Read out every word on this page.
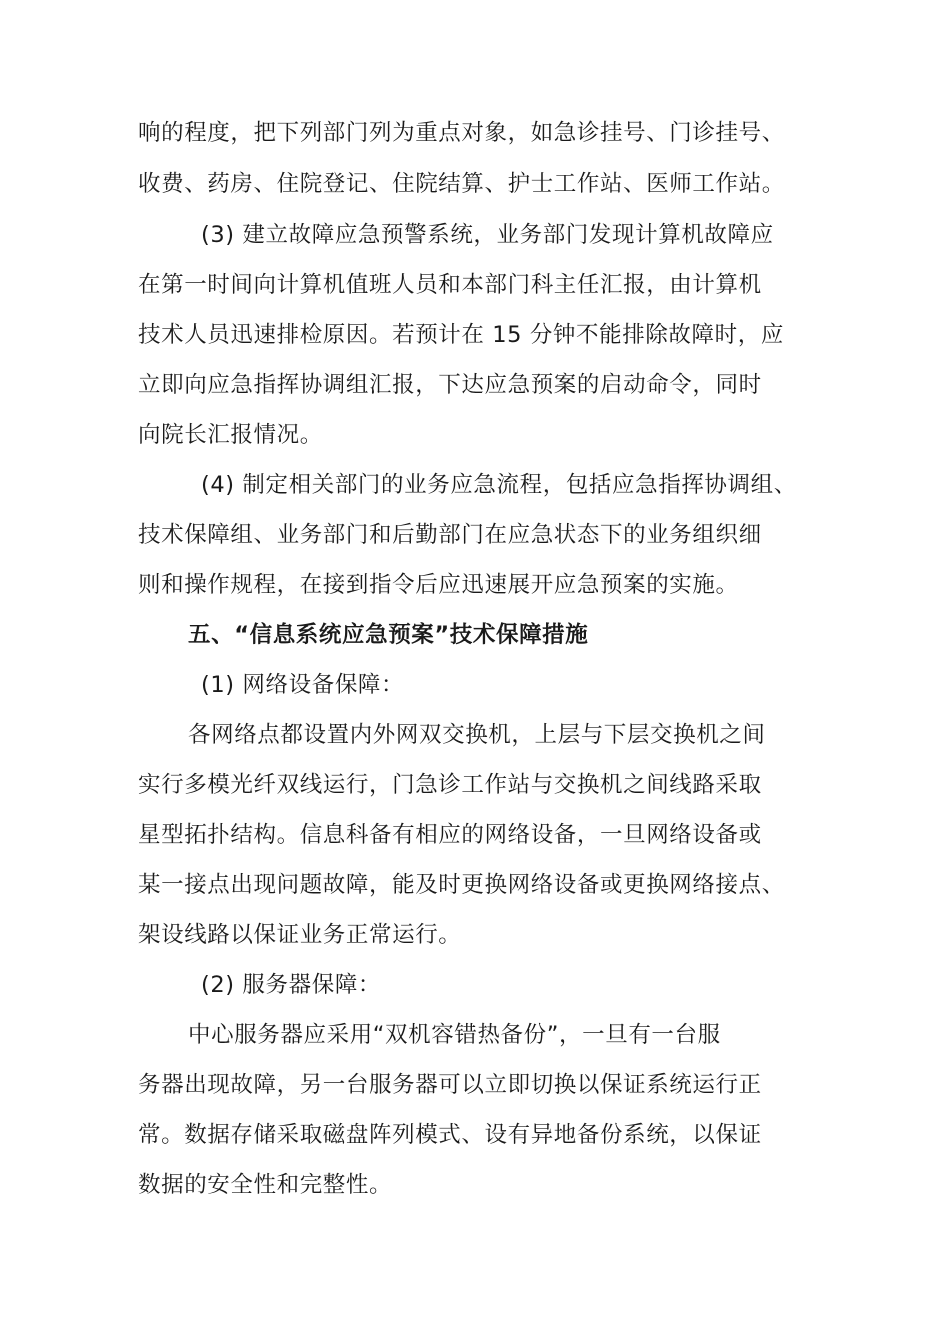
响的程度，把下列部门列为重点对象，如急诊挂号、门诊挂号、
收费、药房、住院登记、住院结算、护士工作站、医师工作站。
(3) 建立故障应急预警系统，业务部门发现计算机故障应
在第一时间向计算机值班人员和本部门科主任汇报，由计算机
技术人员迅速排检原因。若预计在 15 分钟不能排除故障时，应
立即向应急指挥协调组汇报，下达应急预案的启动命令，同时
向院长汇报情况。
(4) 制定相关部门的业务应急流程，包括应急指挥协调组、
技术保障组、业务部门和后勤部门在应急状态下的业务组织细
则和操作规程，在接到指令后应迅速展开应急预案的实施。
五、“信息系统应急预案”技术保障措施
(1) 网络设备保障：
各网络点都设置内外网双交换机，上层与下层交换机之间
实行多模光纤双线运行，门急诊工作站与交换机之间线路采取
星型拓扑结构。信息科备有相应的网络设备，一旦网络设备或
某一接点出现问题故障，能及时更换网络设备或更换网络接点、
架设线路以保证业务正常运行。
(2) 服务器保障：
中心服务器应采用“双机容错热备份”，一旦有一台服
务器出现故障，另一台服务器可以立即切换以保证系统运行正
常。数据存储采取磁盘阵列模式、设有异地备份系统，以保证
数据的安全性和完整性。
